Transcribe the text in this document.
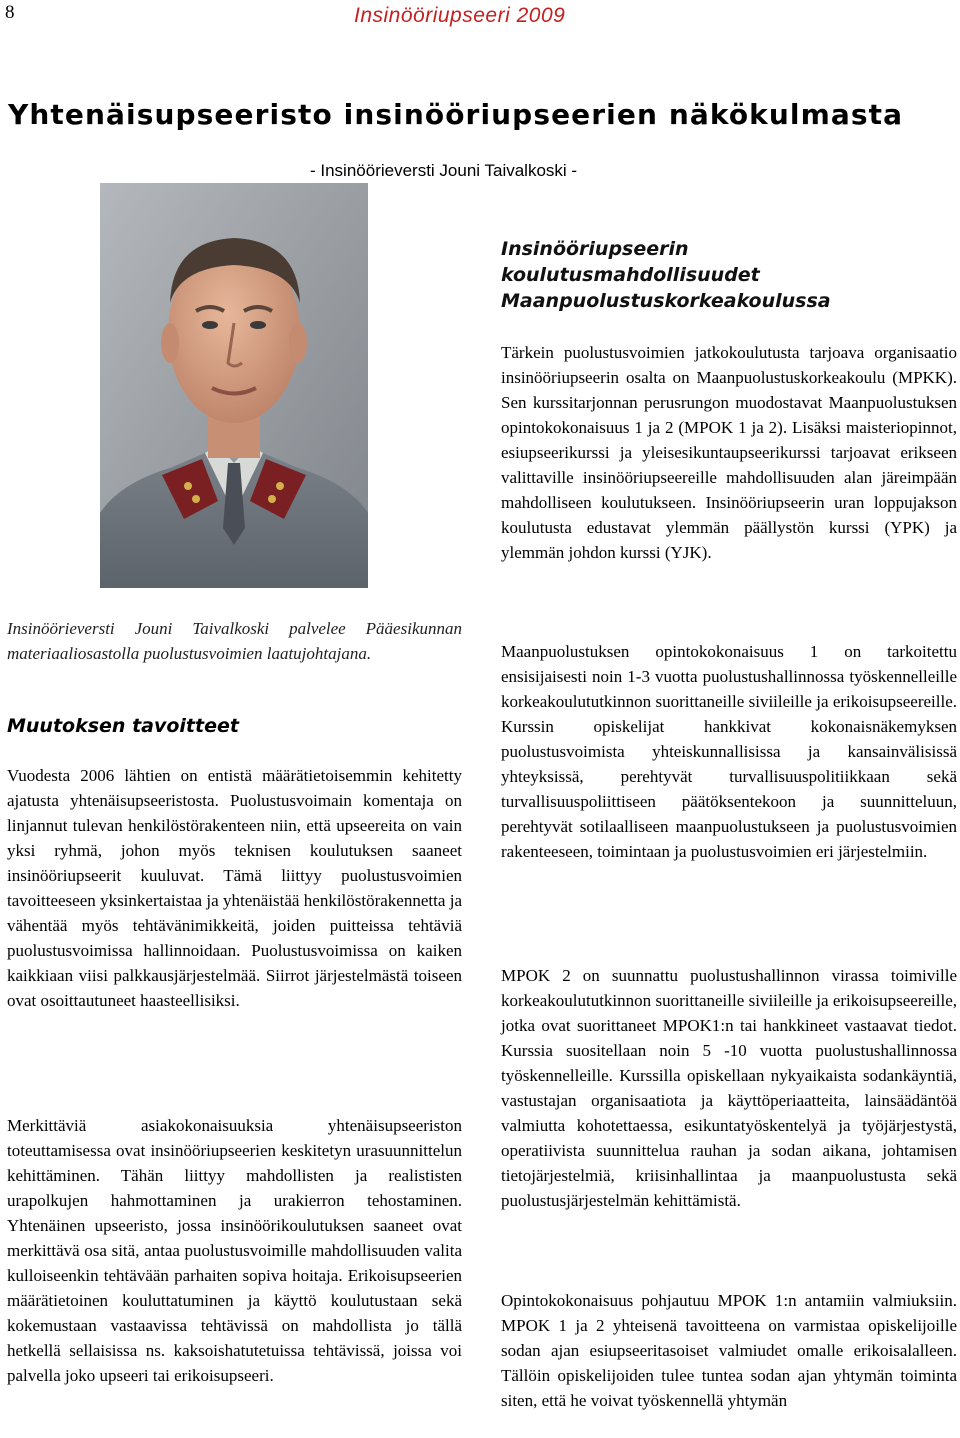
8	Insinööriupseeri 2009
Yhtenäisupseeristo insinööriupseerien näkökulmasta
- Insinöörieversti Jouni Taivalkoski -

Insinöörieversti Jouni Taivalkoski palvelee Pääesikunnan materiaaliosastolla puolustusvoimien laatujohtajana.

Muutoksen tavoitteet

Vuodesta 2006 lähtien on entistä määrätietoisemmin kehitetty ajatusta yhtenäisupseeristosta. Puolustusvoimain komentaja on linjannut tulevan henkilöstörakenteen niin, että upseereita on vain yksi ryhmä, johon myös teknisen koulutuksen saaneet insinööriupseerit kuuluvat. Tämä liittyy puolustusvoimien tavoitteeseen yksinkertaistaa ja yhtenäistää henkilöstörakennetta ja vähentää myös tehtävänimikkeitä, joiden puitteissa tehtäviä puolustusvoimissa hallinnoidaan. Puolustusvoimissa on kaiken kaikkiaan viisi palkkausjärjestelmää. Siirrot järjestelmästä toiseen ovat osoittautuneet haasteellisiksi.

Merkittäviä asiakokonaisuuksia yhtenäisupseeriston toteuttamisessa ovat insinööriupseerien keskitetyn urasuunnittelun kehittäminen. Tähän liittyy mahdollisten ja realististen urapolkujen hahmottaminen ja urakierron tehostaminen. Yhtenäinen upseeristo, jossa insinöörikoulutuksen saaneet ovat merkittävä osa sitä, antaa puolustusvoimille mahdollisuuden valita kulloiseenkin tehtävään parhaiten sopiva hoitaja. Erikoisupseerien määrätietoinen kouluttatuminen ja käyttö koulutustaan sekä kokemustaan vastaavissa tehtävissä on mahdollista jo tällä hetkellä sellaisissa ns. kaksoishatutetuissa tehtävissä, joissa voi palvella joko upseeri tai erikoisupseeri.

Insinööriupseerin koulutusmahdollisuudet Maanpuolustuskorkeakoulussa

Tärkein puolustusvoimien jatkokoulutusta tarjoava organisaatio insinööriupseerin osalta on Maanpuolustuskorkeakoulu (MPKK). Sen kurssitarjonnan perusrungon muodostavat Maanpuolustuksen opintokokonaisuus 1 ja 2 (MPOK 1 ja 2). Lisäksi maisteriopinnot, esiupseerikurssi ja yleisesikuntaupseerikurssi tarjoavat erikseen valittaville insinööriupseereille mahdollisuuden alan järeimpään mahdolliseen koulutukseen. Insinööriupseerin uran loppujakson koulutusta edustavat ylemmän päällystön kurssi (YPK) ja ylemmän johdon kurssi (YJK).

Maanpuolustuksen opintokokonaisuus 1 on tarkoitettu ensisijaisesti noin 1-3 vuotta puolustushallinnossa työskennelleille korkeakoulututkinnon suorittaneille siviileille ja erikoisupseereille. Kurssin opiskelijat hankkivat kokonaisnäkemyksen puolustusvoimista yhteiskunnallisissa ja kansainvälisissä yhteyksissä, perehtyvät turvallisuuspolitiikkaan sekä turvallisuuspoliittiseen päätöksentekoon ja suunnitteluun, perehtyvät sotilaalliseen maanpuolustukseen ja puolustusvoimien rakenteeseen, toimintaan ja puolustusvoimien eri järjestelmiin.

MPOK 2 on suunnattu puolustushallinnon virassa toimiville korkeakoulututkinnon suorittaneille siviileille ja erikoisupseereille, jotka ovat suorittaneet MPOK1:n tai hankkineet vastaavat tiedot. Kurssia suositellaan noin 5 -10 vuotta puolustushallinnossa työskennelleille. Kurssilla opiskellaan nykyaikaista sodankäyntiä, vastustajan organisaatiota ja käyttöperiaatteita, lainsäädäntöä valmiutta kohotettaessa, esikuntatyöskentelyä ja työjärjestystä, operatiivista suunnittelua rauhan ja sodan aikana, johtamisen tietojärjestelmiä, kriisinhallintaa ja maanpuolustusta sekä puolustusjärjestelmän kehittämistä.

Opintokokonaisuus pohjautuu MPOK 1:n antamiin valmiuksiin. MPOK 1 ja 2 yhteisenä tavoitteena on varmistaa opiskelijoille sodan ajan esiupseeritasoiset valmiudet omalle erikoisalalleen. Tällöin opiskelijoiden tulee tuntea sodan ajan yhtymän toiminta siten, että he voivat työskennellä yhtymän
